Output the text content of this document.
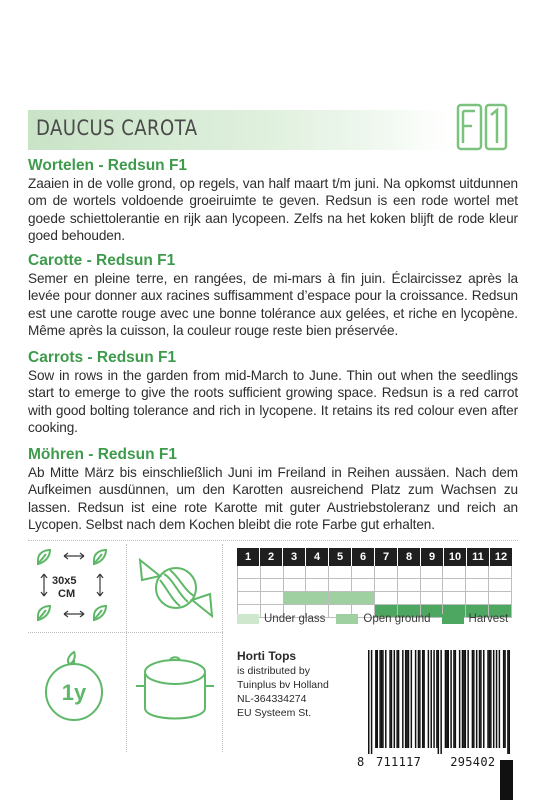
DAUCUS CAROTA
F1
Wortelen - Redsun F1

Zaaien in de volle grond, op regels, van half maart t/m juni. Na opkomst uitdunnen om de wortels voldoende groeiruimte te geven. Redsun is een rode wortel met goede schiettolerantie en rijk aan lycopeen. Zelfs na het koken blijft de rode kleur goed behouden.

Carotte - Redsun F1

Semer en pleine terre, en rangées, de mi-mars à fin juin. Éclaircissez après la levée pour donner aux racines suffisamment d’espace pour la croissance. Redsun est une carotte rouge avec une bonne tolérance aux gelées, et riche en lycopène. Même après la cuisson, la couleur rouge reste bien préservée.

Carrots - Redsun F1

Sow in rows in the garden from mid-March to June. Thin out when the seedlings start to emerge to give the roots sufficient growing space. Redsun is a red carrot with good bolting tolerance and rich in lycopene. It retains its red colour even after cooking.

Möhren - Redsun F1

Ab Mitte März bis einschließlich Juni im Freiland in Reihen aussäen. Nach dem Aufkeimen ausdünnen, um den Karotten ausreichend Platz zum Wachsen zu lassen. Redsun ist eine rote Karotte mit guter Austriebstoleranz und reich an Lycopen. Selbst nach dem Kochen bleibt die rote Farbe gut erhalten.

30x5
CM
1y
1	2	3	4	5	6	7	8	9	10	11	12
Under glass	Open ground	Harvest
Horti Tops
is distributed by
Tuinplus bv Holland
NL-364334274
EU Systeem St.
8 711117 295402
